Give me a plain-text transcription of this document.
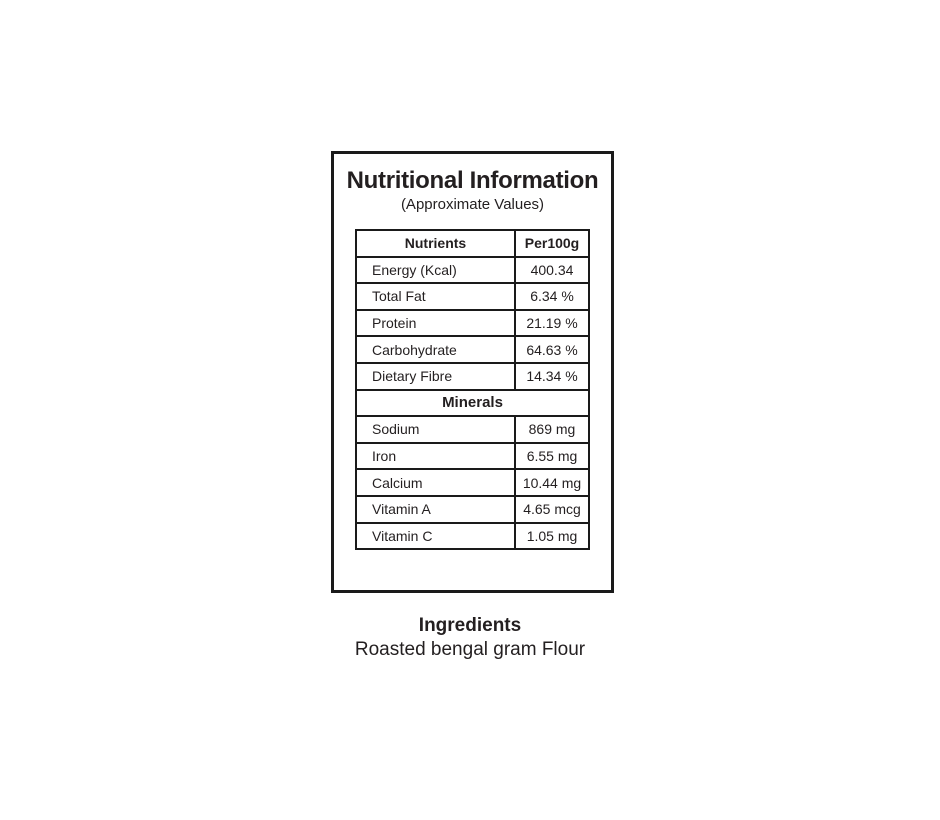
Nutritional Information
(Approximate Values)
Nutrients	Per100g
Energy (Kcal)	400.34
Total Fat	6.34 %
Protein	21.19 %
Carbohydrate	64.63 %
Dietary Fibre	14.34 %
Minerals	
Sodium	869 mg
Iron	6.55 mg
Calcium	10.44 mg
Vitamin A	4.65 mcg
Vitamin C	1.05 mg
Ingredients
Roasted bengal gram Flour
